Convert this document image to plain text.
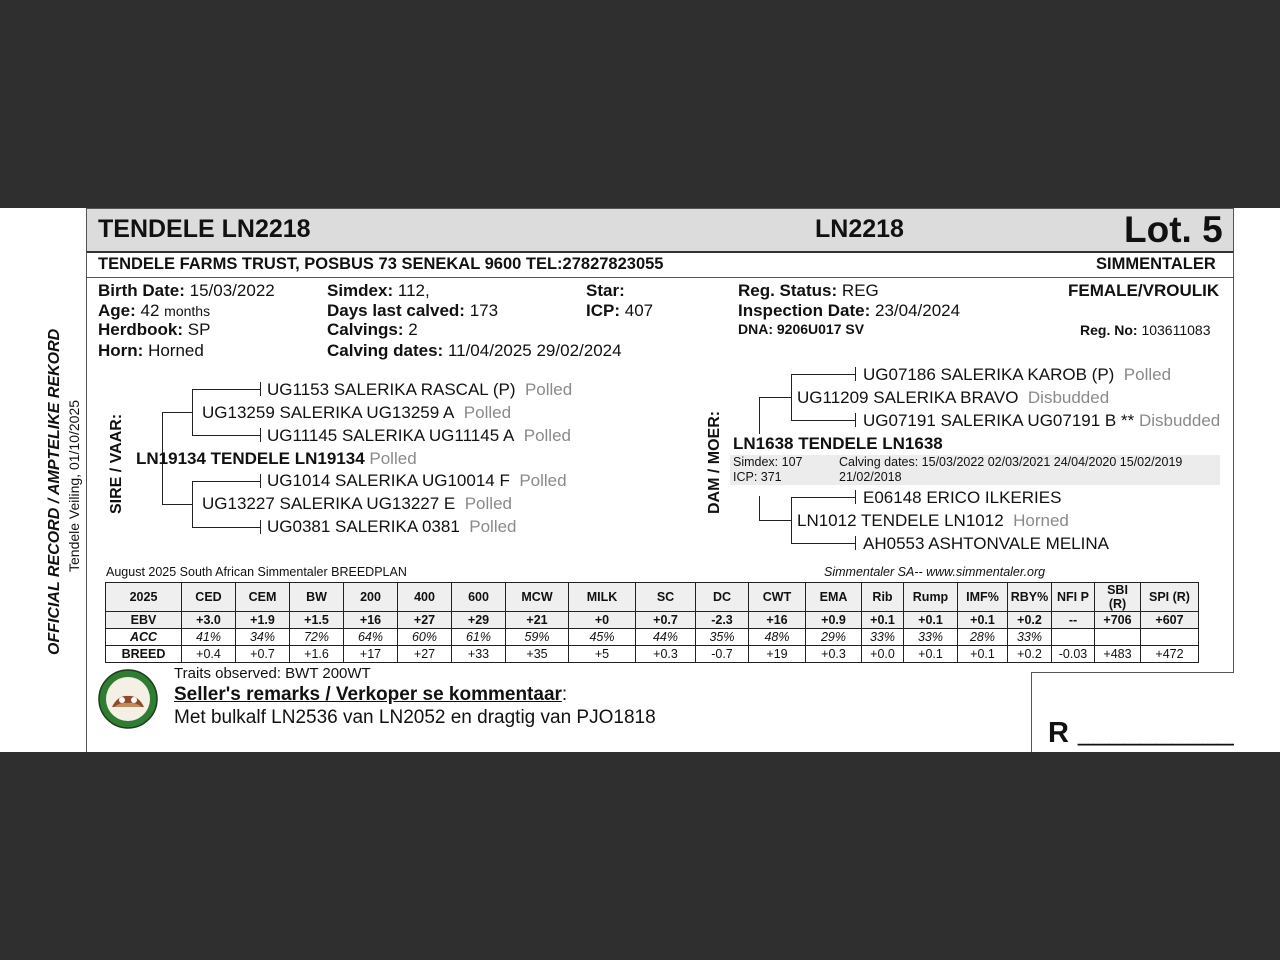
TENDELE LN2218	LN2218	Lot. 5
TENDELE FARMS TRUST, POSBUS 73 SENEKAL 9600 TEL:27827823055	SIMMENTALER
OFFICIAL RECORD / AMPTELIKE REKORD Tendele Veiling, 01/10/2025
Birth Date: 15/03/2022
Age: 42 months
Herdbook: SP
Horn: Horned
Simdex: 112,
Days last calved: 173
Calvings: 2
Calving dates: 11/04/2025 29/02/2024
Star:
ICP: 407
Reg. Status: REG
Inspection Date: 23/04/2024
DNA: 9206U017 SV
FEMALE/VROULIK
Reg. No: 103611083
SIRE / VAAR:
UG1153 SALERIKA RASCAL (P) Polled
UG13259 SALERIKA UG13259 A Polled
UG11145 SALERIKA UG11145 A Polled
LN19134 TENDELE LN19134 Polled
UG1014 SALERIKA UG10014 F Polled
UG13227 SALERIKA UG13227 E Polled
UG0381 SALERIKA 0381 Polled
DAM / MOER:
UG07186 SALERIKA KAROB (P) Polled
UG11209 SALERIKA BRAVO Disbudded
UG07191 SALERIKA UG07191 B ** Disbudded
LN1638 TENDELE LN1638
Simdex: 107
ICP: 371
Calving dates: 15/03/2022 02/03/2021 24/04/2020 15/02/2019
21/02/2018
E06148 ERICO ILKERIES
LN1012 TENDELE LN1012 Horned
AH0553 ASHTONVALE MELINA
August 2025 South African Simmentaler BREEDPLAN	Simmentaler SA-- www.simmentaler.org
2025	CED	CEM	BW	200	400	600	MCW	MILK	SC	DC	CWT	EMA	Rib	Rump	IMF%	RBY%	NFI P	SBI (R)	SPI (R)
EBV	+3.0	+1.9	+1.5	+16	+27	+29	+21	+0	+0.7	-2.3	+16	+0.9	+0.1	+0.1	+0.1	+0.2	--	+706	+607
ACC	41%	34%	72%	64%	60%	61%	59%	45%	44%	35%	48%	29%	33%	33%	28%	33%			
BREED	+0.4	+0.7	+1.6	+17	+27	+33	+35	+5	+0.3	-0.7	+19	+0.3	+0.0	+0.1	+0.1	+0.2	-0.03	+483	+472
Traits observed: BWT 200WT
Seller's remarks / Verkoper se kommentaar:
Met bulkalf LN2536 van LN2052 en dragtig van PJO1818	R __________
